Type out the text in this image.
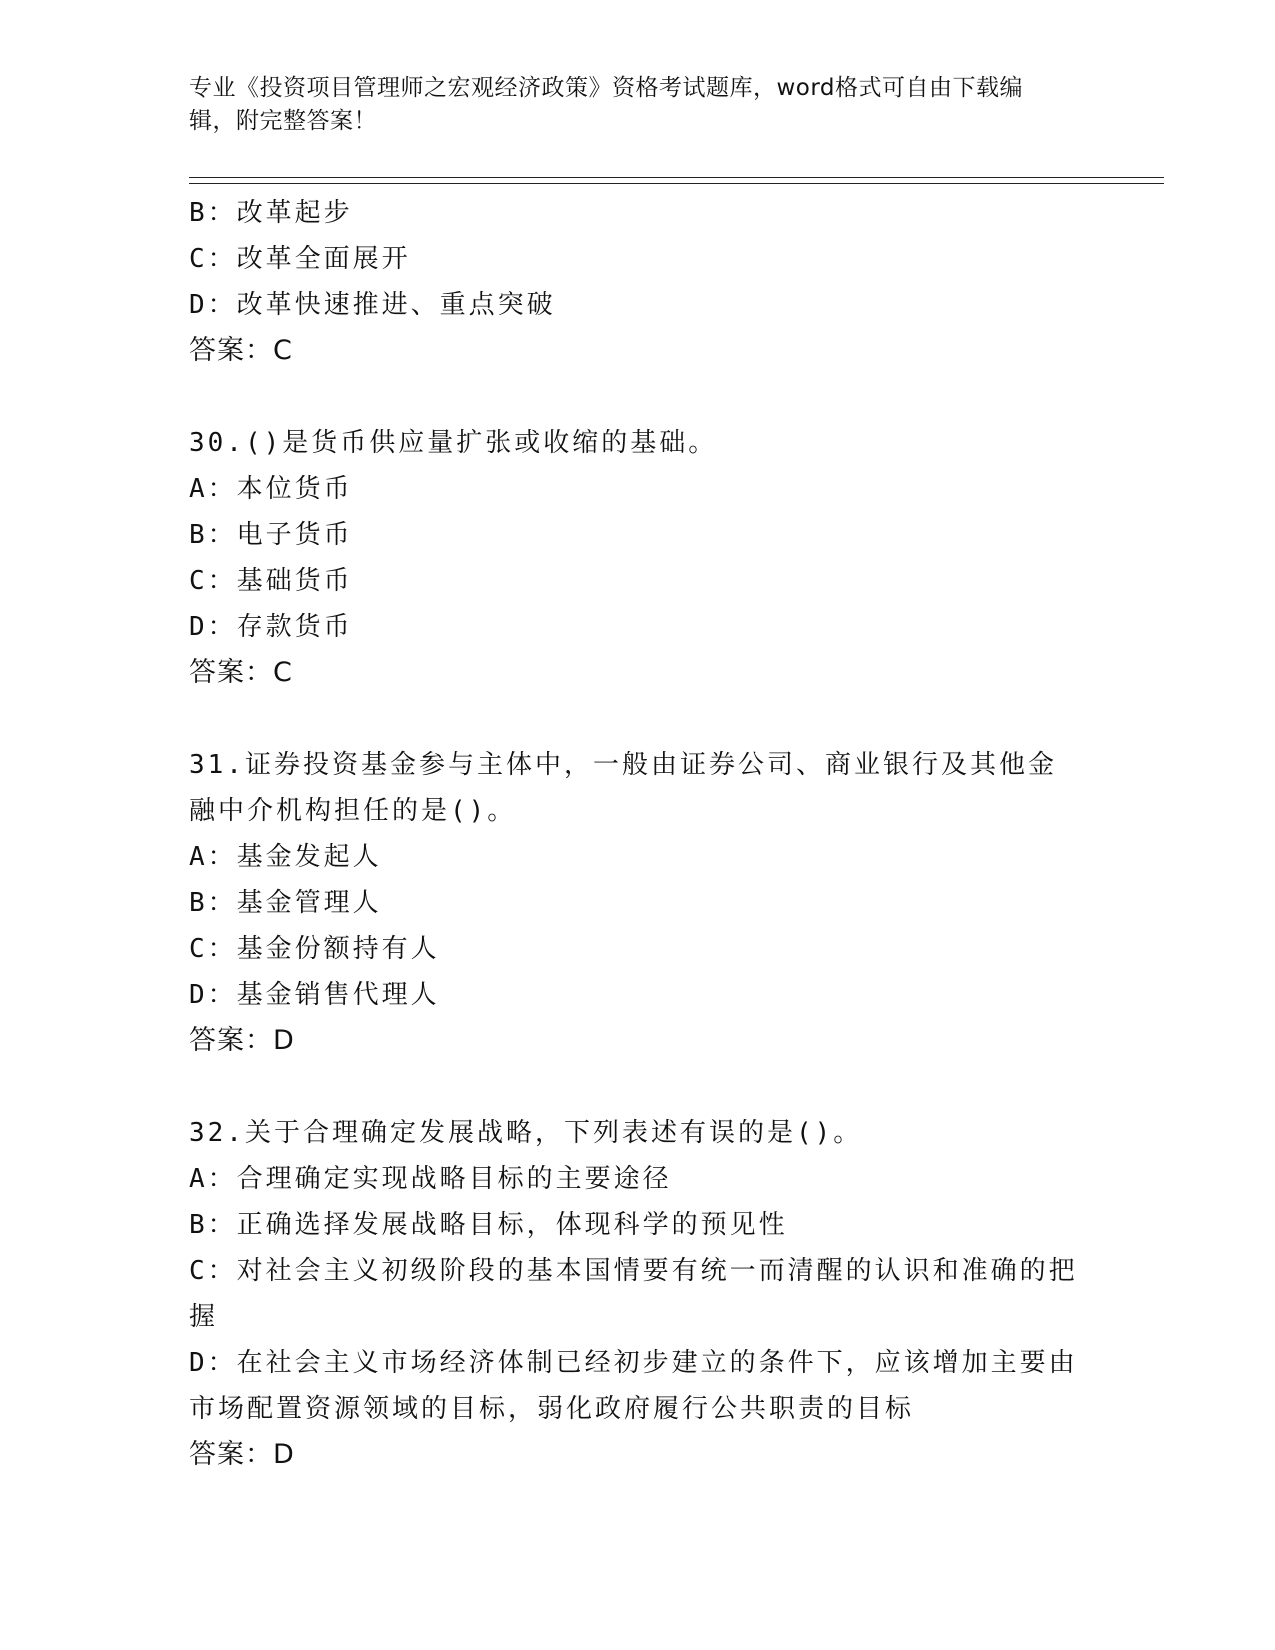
专业《投资项目管理师之宏观经济政策》资格考试题库，word格式可自由下载编辑，附完整答案！
B：改革起步
C：改革全面展开
D：改革快速推进、重点突破
答案：C
30.()是货币供应量扩张或收缩的基础。
A：本位货币
B：电子货币
C：基础货币
D：存款货币
答案：C
31.证券投资基金参与主体中，一般由证券公司、商业银行及其他金融中介机构担任的是()。
A：基金发起人
B：基金管理人
C：基金份额持有人
D：基金销售代理人
答案：D
32.关于合理确定发展战略，下列表述有误的是()。
A：合理确定实现战略目标的主要途径
B：正确选择发展战略目标，体现科学的预见性
C：对社会主义初级阶段的基本国情要有统一而清醒的认识和准确的把握
D：在社会主义市场经济体制已经初步建立的条件下，应该增加主要由市场配置资源领域的目标，弱化政府履行公共职责的目标
答案：D
